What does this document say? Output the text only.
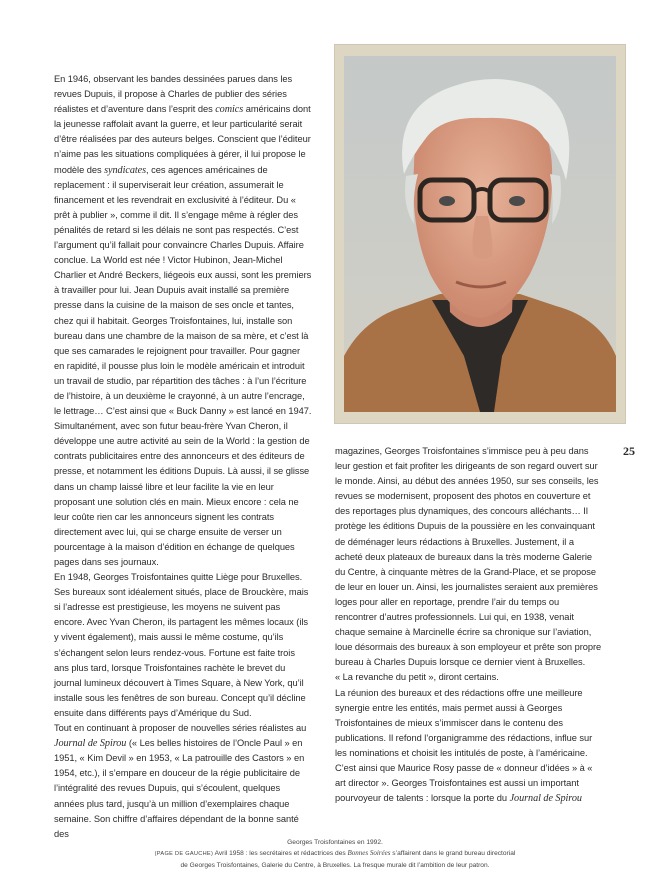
En 1946, observant les bandes dessinées parues dans les revues Dupuis, il propose à Charles de publier des séries réalistes et d’aventure dans l’esprit des comics américains dont la jeunesse raffolait avant la guerre, et leur particularité serait d’être réalisées par des auteurs belges. Conscient que l’éditeur n’aime pas les situations compliquées à gérer, il lui propose le modèle des syndicates, ces agences américaines de replacement : il superviserait leur création, assumerait le financement et les revendrait en exclusivité à l’éditeur. Du « prêt à publier », comme il dit. Il s’engage même à régler des pénalités de retard si les délais ne sont pas respectés. C’est l’argument qu’il fallait pour convaincre Charles Dupuis. Affaire conclue. La World est née ! Victor Hubinon, Jean-Michel Charlier et André Beckers, liégeois eux aussi, sont les premiers à travailler pour lui. Jean Dupuis avait installé sa première presse dans la cuisine de la maison de ses oncle et tantes, chez qui il habitait. Georges Troisfontaines, lui, installe son bureau dans une chambre de la maison de sa mère, et c’est là que ses camarades le rejoignent pour travailler. Pour gagner en rapidité, il pousse plus loin le modèle américain et introduit un travail de studio, par répartition des tâches : à l’un l’écriture de l’histoire, à un deuxième le crayonné, à un autre l’encrage, le lettrage… C’est ainsi que « Buck Danny » est lancé en 1947.

Simultanément, avec son futur beau-frère Yvan Cheron, il développe une autre activité au sein de la World : la gestion de contrats publicitaires entre des annonceurs et des éditeurs de presse, et notamment les éditions Dupuis. Là aussi, il se glisse dans un champ laissé libre et leur facilite la vie en leur proposant une solution clés en main. Mieux encore : cela ne leur coûte rien car les annonceurs signent les contrats directement avec lui, qui se charge ensuite de verser un pourcentage à la maison d’édition en échange de quelques pages dans ses journaux.

En 1948, Georges Troisfontaines quitte Liège pour Bruxelles. Ses bureaux sont idéalement situés, place de Brouckère, mais si l’adresse est prestigieuse, les moyens ne suivent pas encore. Avec Yvan Cheron, ils partagent les mêmes locaux (ils y vivent également), mais aussi le même costume, qu’ils s’échangent selon leurs rendez-vous. Fortune est faite trois ans plus tard, lorsque Troisfontaines rachète le brevet du journal lumineux découvert à Times Square, à New York, qu’il installe sous les fenêtres de son bureau. Concept qu’il décline ensuite dans différents pays d’Amérique du Sud.

Tout en continuant à proposer de nouvelles séries réalistes au Journal de Spirou (« Les belles histoires de l’Oncle Paul » en 1951, « Kim Devil » en 1953, « La patrouille des Castors » en 1954, etc.), il s’empare en douceur de la régie publicitaire de l’intégralité des revues Dupuis, qui s’écoulent, quelques années plus tard, jusqu’à un million d’exemplaires chaque semaine. Son chiffre d’affaires dépendant de la bonne santé des

25

magazines, Georges Troisfontaines s’immisce peu à peu dans leur gestion et fait profiter les dirigeants de son regard ouvert sur le monde. Ainsi, au début des années 1950, sur ses conseils, les revues se modernisent, proposent des photos en couverture et des reportages plus dynamiques, des concours alléchants… Il protège les éditions Dupuis de la poussière en les convainquant de déménager leurs rédactions à Bruxelles. Justement, il a acheté deux plateaux de bureaux dans la très moderne Galerie du Centre, à cinquante mètres de la Grand-Place, et se propose de leur en louer un. Ainsi, les journalistes seraient aux premières loges pour aller en reportage, prendre l’air du temps ou rencontrer d’autres professionnels. Lui qui, en 1938, venait chaque semaine à Marcinelle écrire sa chronique sur l’aviation, loue désormais des bureaux à son employeur et prête son propre bureau à Charles Dupuis lorsque ce dernier vient à Bruxelles.

« La revanche du petit », diront certains.

La réunion des bureaux et des rédactions offre une meilleure synergie entre les entités, mais permet aussi à Georges Troisfontaines de mieux s’immiscer dans le contenu des publications. Il refond l’organigramme des rédactions, influe sur les nominations et choisit les intitulés de poste, à l’américaine. C’est ainsi que Maurice Rosy passe de « donneur d’idées » à « art director ». Georges Troisfontaines est aussi un important pourvoyeur de talents : lorsque la porte du Journal de Spirou

Georges Troisfontaines en 1992.
(PAGE DE GAUCHE) Avril 1958 : les secrétaires et rédactrices des Bonnes Soirées s’affairent dans le grand bureau directorial
de Georges Troisfontaines, Galerie du Centre, à Bruxelles. La fresque murale dit l’ambition de leur patron.
